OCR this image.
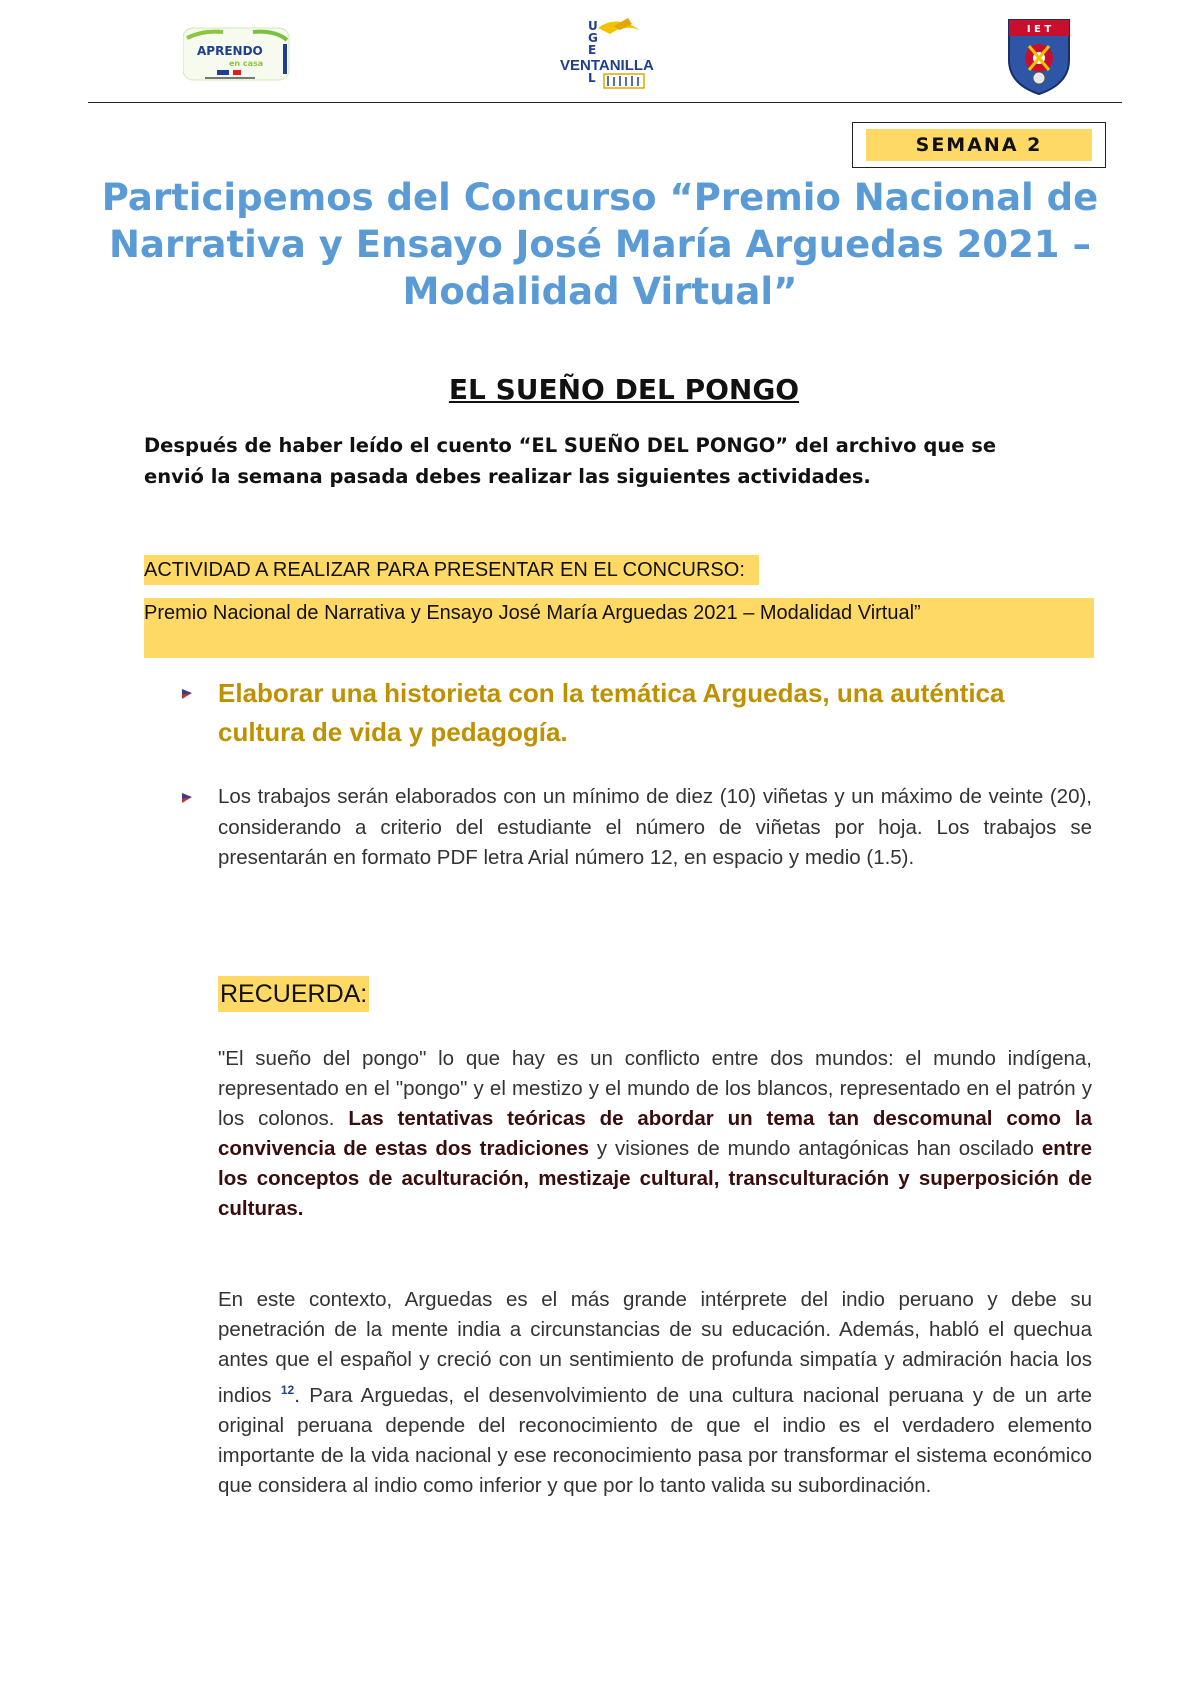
APRENDO
en casa
U
G
E
L
VENTANILLA
I E T
SEMANA 2
Participemos del Concurso “Premio Nacional de
Narrativa y Ensayo José María Arguedas 2021 –
Modalidad Virtual”
EL SUEÑO DEL PONGO
Después de haber leído el cuento “EL SUEÑO DEL PONGO” del archivo que se
envió la semana pasada debes realizar las siguientes actividades.
ACTIVIDAD A REALIZAR PARA PRESENTAR EN EL CONCURSO:
Premio Nacional de Narrativa y Ensayo José María Arguedas 2021 – Modalidad Virtual”
Elaborar una historieta con la temática Arguedas, una auténtica cultura de vida y pedagogía.
Los trabajos serán elaborados con un mínimo de diez (10) viñetas y un máximo de veinte (20), considerando a criterio del estudiante el número de viñetas por hoja. Los trabajos se presentarán en formato PDF letra Arial número 12, en espacio y medio (1.5).
RECUERDA:
"El sueño del pongo" lo que hay es un conflicto entre dos mundos: el mundo indígena, representado en el "pongo" y el mestizo y el mundo de los blancos, representado en el patrón y los colonos. Las tentativas teóricas de abordar un tema tan descomunal como la convivencia de estas dos tradiciones y visiones de mundo antagónicas han oscilado entre los conceptos de aculturación, mestizaje cultural, transculturación y superposición de culturas.
En este contexto, Arguedas es el más grande intérprete del indio peruano y debe su penetración de la mente india a circunstancias de su educación. Además, habló el quechua antes que el español y creció con un sentimiento de profunda simpatía y admiración hacia los indios $^{12}$. Para Arguedas, el desenvolvimiento de una cultura nacional peruana y de un arte original peruana depende del reconocimiento de que el indio es el verdadero elemento importante de la vida nacional y ese reconocimiento pasa por transformar el sistema económico que considera al indio como inferior y que por lo tanto valida su subordinación.
